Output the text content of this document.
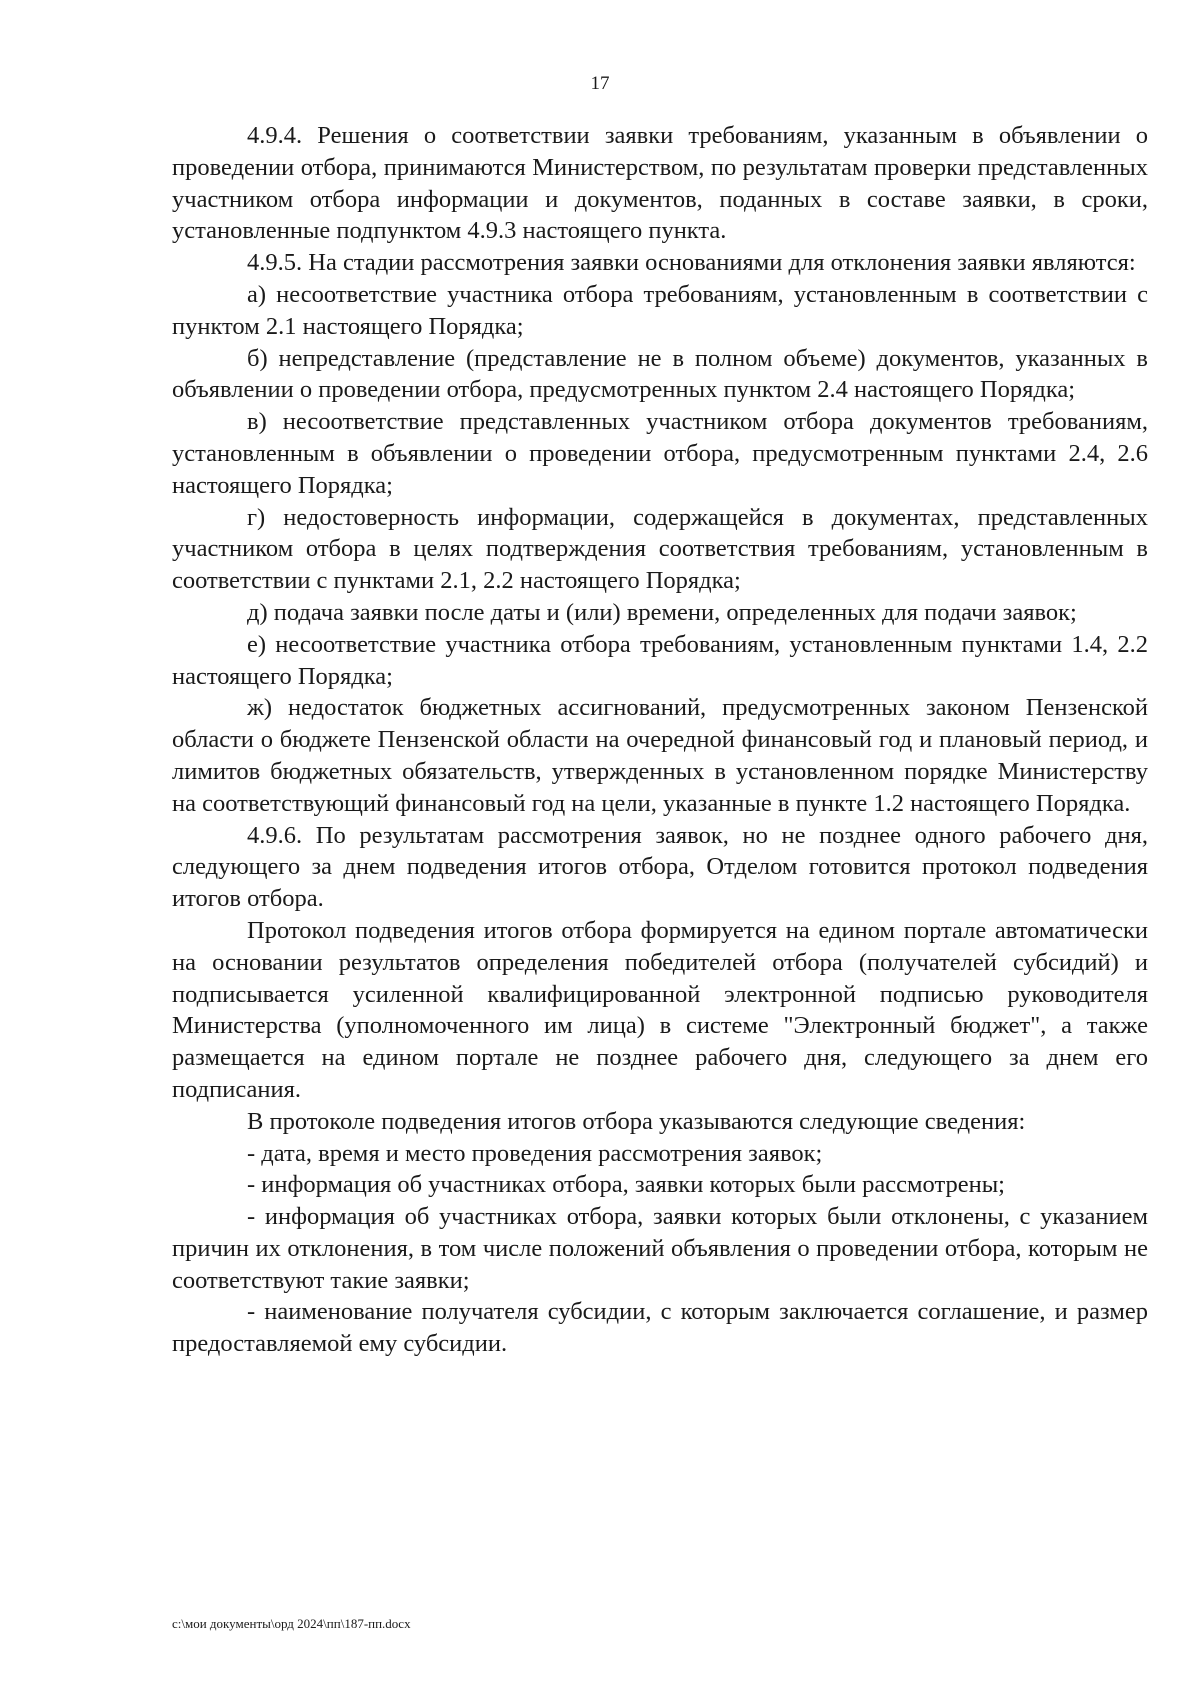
17

4.9.4. Решения о соответствии заявки требованиям, указанным в объявлении о проведении отбора, принимаются Министерством, по результатам проверки представленных участником отбора информации и документов, поданных в составе заявки, в сроки, установленные подпунктом 4.9.3 настоящего пункта.

4.9.5. На стадии рассмотрения заявки основаниями для отклонения заявки являются:

а) несоответствие участника отбора требованиям, установленным в соответствии с пунктом 2.1 настоящего Порядка;

б) непредставление (представление не в полном объеме) документов, указанных в объявлении о проведении отбора, предусмотренных пунктом 2.4 настоящего Порядка;

в) несоответствие представленных участником отбора документов требованиям, установленным в объявлении о проведении отбора, предусмотренным пунктами 2.4, 2.6 настоящего Порядка;

г) недостоверность информации, содержащейся в документах, представленных участником отбора в целях подтверждения соответствия требованиям, установленным в соответствии с пунктами 2.1, 2.2 настоящего Порядка;

д) подача заявки после даты и (или) времени, определенных для подачи заявок;

е) несоответствие участника отбора требованиям, установленным пунктами 1.4, 2.2 настоящего Порядка;

ж) недостаток бюджетных ассигнований, предусмотренных законом Пензенской области о бюджете Пензенской области на очередной финансовый год и плановый период, и лимитов бюджетных обязательств, утвержденных в установленном порядке Министерству на соответствующий финансовый год на цели, указанные в пункте 1.2 настоящего Порядка.

4.9.6. По результатам рассмотрения заявок, но не позднее одного рабочего дня, следующего за днем подведения итогов отбора, Отделом готовится протокол подведения итогов отбора.

Протокол подведения итогов отбора формируется на едином портале автоматически на основании результатов определения победителей отбора (получателей субсидий) и подписывается усиленной квалифицированной электронной подписью руководителя Министерства (уполномоченного им лица) в системе "Электронный бюджет", а также размещается на едином портале не позднее рабочего дня, следующего за днем его подписания.

В протоколе подведения итогов отбора указываются следующие сведения:

- дата, время и место проведения рассмотрения заявок;

- информация об участниках отбора, заявки которых были рассмотрены;

- информация об участниках отбора, заявки которых были отклонены, с указанием причин их отклонения, в том числе положений объявления о проведении отбора, которым не соответствуют такие заявки;

- наименование получателя субсидии, с которым заключается соглашение, и размер предоставляемой ему субсидии.

c:\мои документы\орд 2024\пп\187-пп.docx
